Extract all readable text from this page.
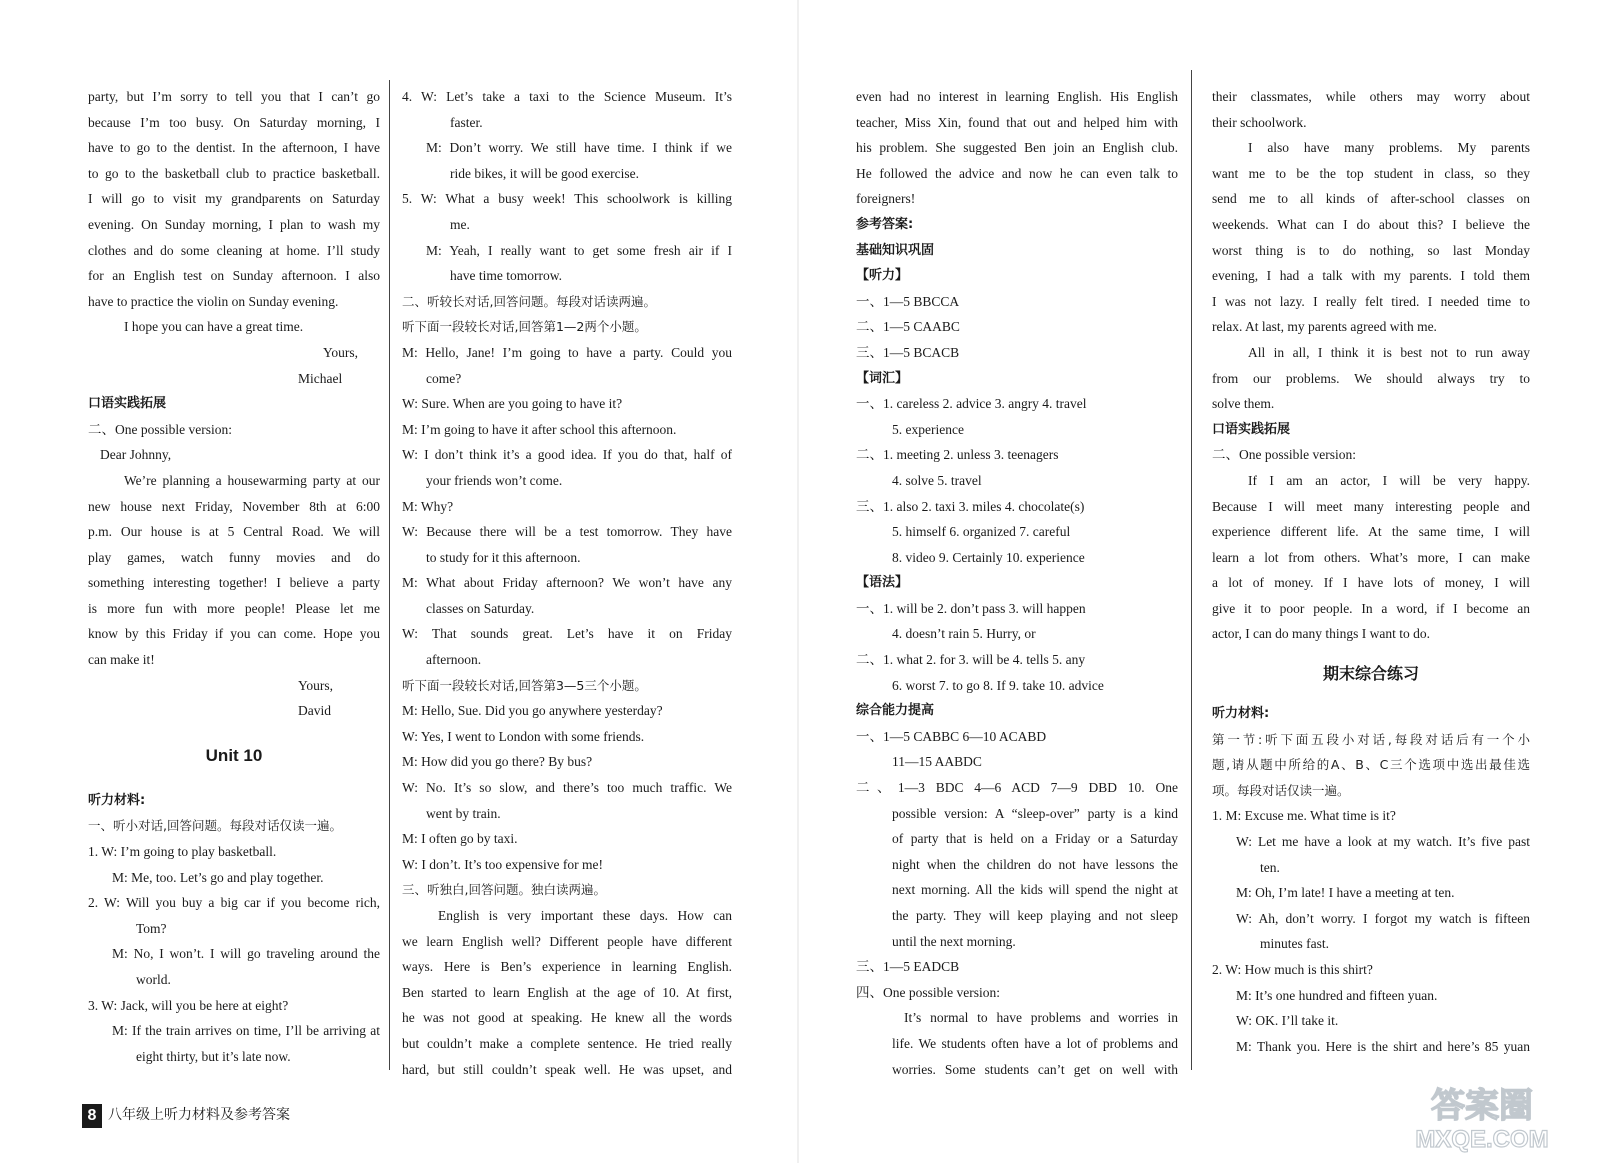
party, but I’m sorry to tell you that I can’t go
because I’m too busy. On Saturday morning, I
have to go to the dentist. In the afternoon, I have
to go to the basketball club to practice basketball.
I will go to visit my grandparents on Saturday
evening. On Sunday morning, I plan to wash my
clothes and do some cleaning at home. I’ll study
for an English test on Sunday afternoon. I also
have to practice the violin on Sunday evening.
I hope you can have a great time.
Yours,
Michael
口语实践拓展
二、One possible version:
Dear Johnny,
We’re planning a housewarming party at our
new house next Friday, November 8th at 6:00
p.m. Our house is at 5 Central Road. We will
play games, watch funny movies and do
something interesting together! I believe a party
is more fun with more people! Please let me
know by this Friday if you can come. Hope you
can make it!
Yours,
David
Unit 10
听力材料:
一、听小对话,回答问题。每段对话仅读一遍。
1. W: I’m going to play basketball.
M: Me, too. Let’s go and play together.
2. W: Will you buy a big car if you become rich,
Tom?
M: No, I won’t. I will go traveling around the
world.
3. W: Jack, will you be here at eight?
M: If the train arrives on time, I’ll be arriving at
eight thirty, but it’s late now.
4. W: Let’s take a taxi to the Science Museum. It’s
faster.
M: Don’t worry. We still have time. I think if we
ride bikes, it will be good exercise.
5. W: What a busy week! This schoolwork is killing
me.
M: Yeah, I really want to get some fresh air if I
have time tomorrow.
二、听较长对话,回答问题。每段对话读两遍。
听下面一段较长对话,回答第1—2两个小题。
M: Hello, Jane! I’m going to have a party. Could you
come?
W: Sure. When are you going to have it?
M: I’m going to have it after school this afternoon.
W: I don’t think it’s a good idea. If you do that, half of
your friends won’t come.
M: Why?
W: Because there will be a test tomorrow. They have
to study for it this afternoon.
M: What about Friday afternoon? We won’t have any
classes on Saturday.
W: That sounds great. Let’s have it on Friday
afternoon.
听下面一段较长对话,回答第3—5三个小题。
M: Hello, Sue. Did you go anywhere yesterday?
W: Yes, I went to London with some friends.
M: How did you go there? By bus?
W: No. It’s so slow, and there’s too much traffic. We
went by train.
M: I often go by taxi.
W: I don’t. It’s too expensive for me!
三、听独白,回答问题。独白读两遍。
English is very important these days. How can
we learn English well? Different people have different
ways. Here is Ben’s experience in learning English.
Ben started to learn English at the age of 10. At first,
he was not good at speaking. He knew all the words
but couldn’t make a complete sentence. He tried really
hard, but still couldn’t speak well. He was upset, and
even had no interest in learning English. His English
teacher, Miss Xin, found that out and helped him with
his problem. She suggested Ben join an English club.
He followed the advice and now he can even talk to
foreigners!
参考答案:
基础知识巩固
【听力】
一、1—5 BBCCA
二、1—5 CAABC
三、1—5 BCACB
【词汇】
一、1. careless 2. advice 3. angry 4. travel
5. experience
二、1. meeting 2. unless 3. teenagers
4. solve 5. travel
三、1. also 2. taxi 3. miles 4. chocolate(s)
5. himself 6. organized 7. careful
8. video 9. Certainly 10. experience
【语法】
一、1. will be 2. don’t pass 3. will happen
4. doesn’t rain 5. Hurry, or
二、1. what 2. for 3. will be 4. tells 5. any
6. worst 7. to go 8. If 9. take 10. advice
综合能力提高
一、1—5 CABBC 6—10 ACABD
11—15 AABDC
二、1—3 BDC 4—6 ACD 7—9 DBD 10. One
possible version: A “sleep-over” party is a kind
of party that is held on a Friday or a Saturday
night when the children do not have lessons the
next morning. All the kids will spend the night at
the party. They will keep playing and not sleep
until the next morning.
三、1—5 EADCB
四、One possible version:
It’s normal to have problems and worries in
life. We students often have a lot of problems and
worries. Some students can’t get on well with
their classmates, while others may worry about
their schoolwork.
I also have many problems. My parents
want me to be the top student in class, so they
send me to all kinds of after-school classes on
weekends. What can I do about this? I believe the
worst thing is to do nothing, so last Monday
evening, I had a talk with my parents. I told them
I was not lazy. I really felt tired. I needed time to
relax. At last, my parents agreed with me.
All in all, I think it is best not to run away
from our problems. We should always try to
solve them.
口语实践拓展
二、One possible version:
If I am an actor, I will be very happy.
Because I will meet many interesting people and
experience different life. At the same time, I will
learn a lot from others. What’s more, I can make
a lot of money. If I have lots of money, I will
give it to poor people. In a word, if I become an
actor, I can do many things I want to do.
期末综合练习
听力材料:
第一节:听下面五段小对话,每段对话后有一个小
题,请从题中所给的A、B、C三个选项中选出最佳选
项。每段对话仅读一遍。
1. M: Excuse me. What time is it?
W: Let me have a look at my watch. It’s five past
ten.
M: Oh, I’m late! I have a meeting at ten.
W: Ah, don’t worry. I forgot my watch is fifteen
minutes fast.
2. W: How much is this shirt?
M: It’s one hundred and fifteen yuan.
W: OK. I’ll take it.
M: Thank you. Here is the shirt and here’s 85 yuan
8 八年级上听力材料及参考答案	答案圈
MXQE.COM
